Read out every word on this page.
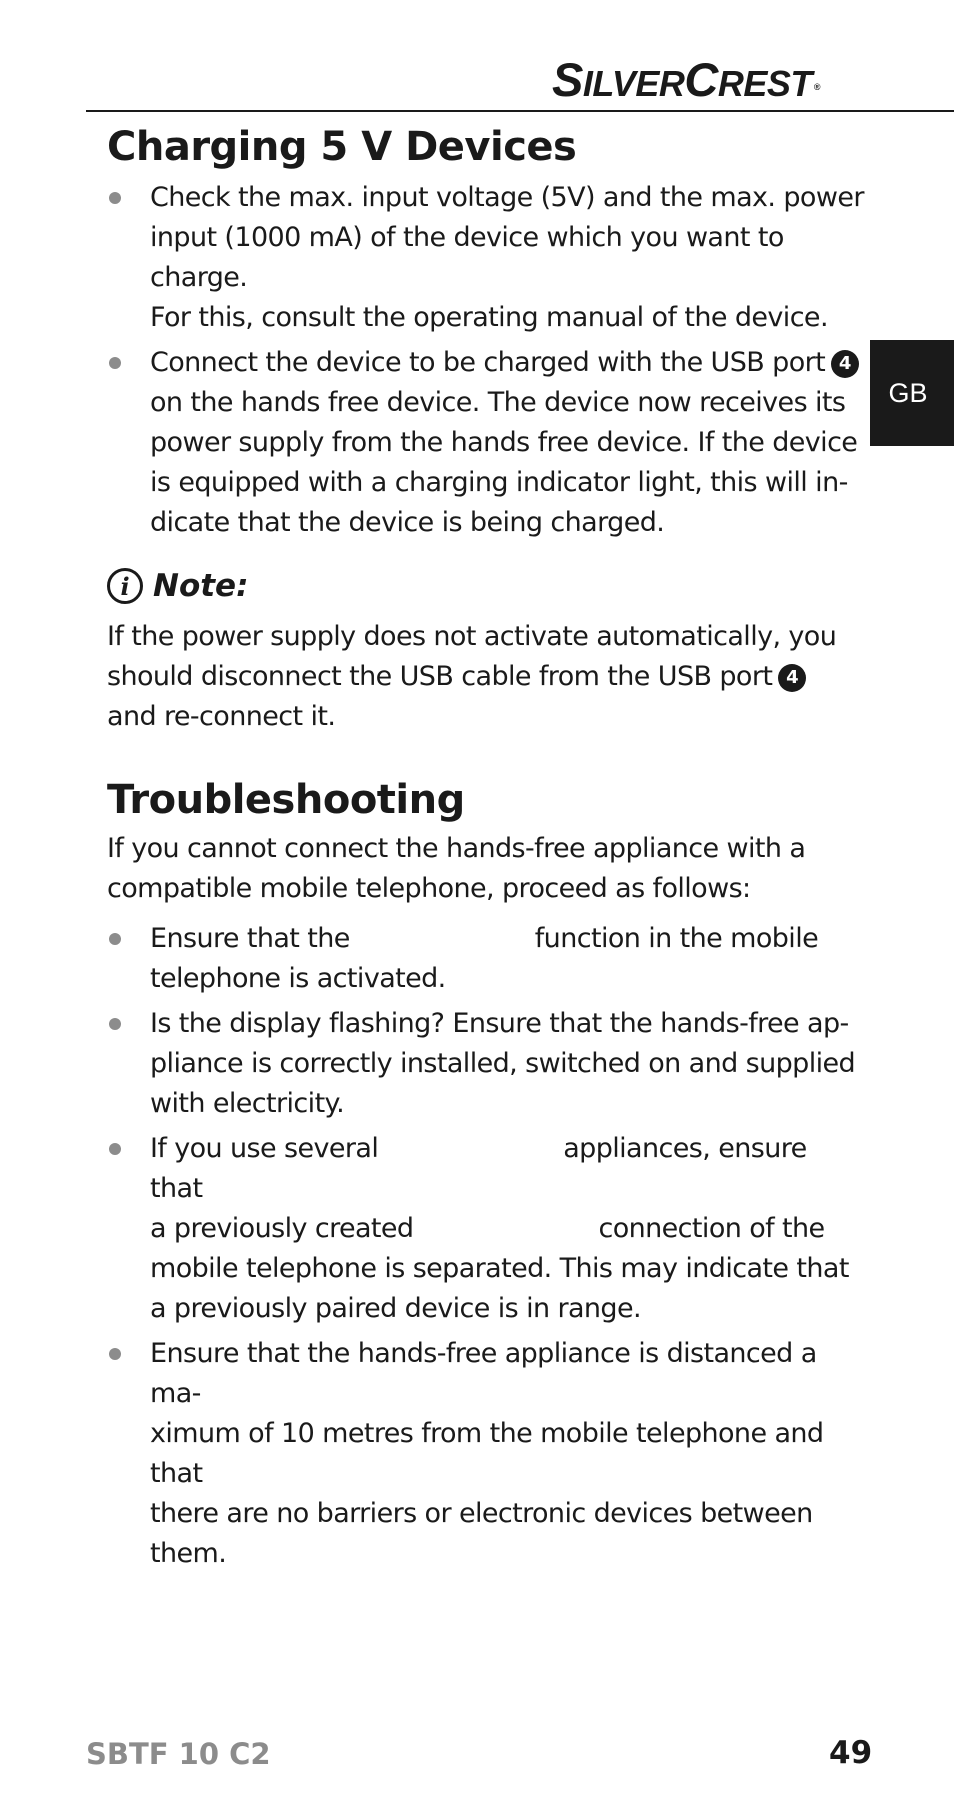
SILVERCREST ®
GB
Charging 5 V Devices
Check the max. input voltage (5V) and the max. power
input (1000 mA) of the device which you want to charge.
For this, consult the operating manual of the device.
Connect the device to be charged with the USB port 4
on the hands free device. The device now receives its
power supply from the hands free device. If the device
is equipped with a charging indicator light, this will in-
dicate that the device is being charged.
i Note:

If the power supply does not activate automatically, you

should disconnect the USB cable from the USB port 4

and re-connect it.

Troubleshooting

If you cannot connect the hands-free appliance with a

compatible mobile telephone, proceed as follows:

Ensure that the	function in the mobile
telephone is activated.
Is the display flashing? Ensure that the hands-free ap-
pliance is correctly installed, switched on and supplied
with electricity.
If you use several	appliances, ensure that
a previously created	connection of the
mobile telephone is separated. This may indicate that
a previously paired device is in range.
Ensure that the hands-free appliance is distanced a ma-
ximum of 10 metres from the mobile telephone and that
there are no barriers or electronic devices between them.
SBTF 10 C2	49
